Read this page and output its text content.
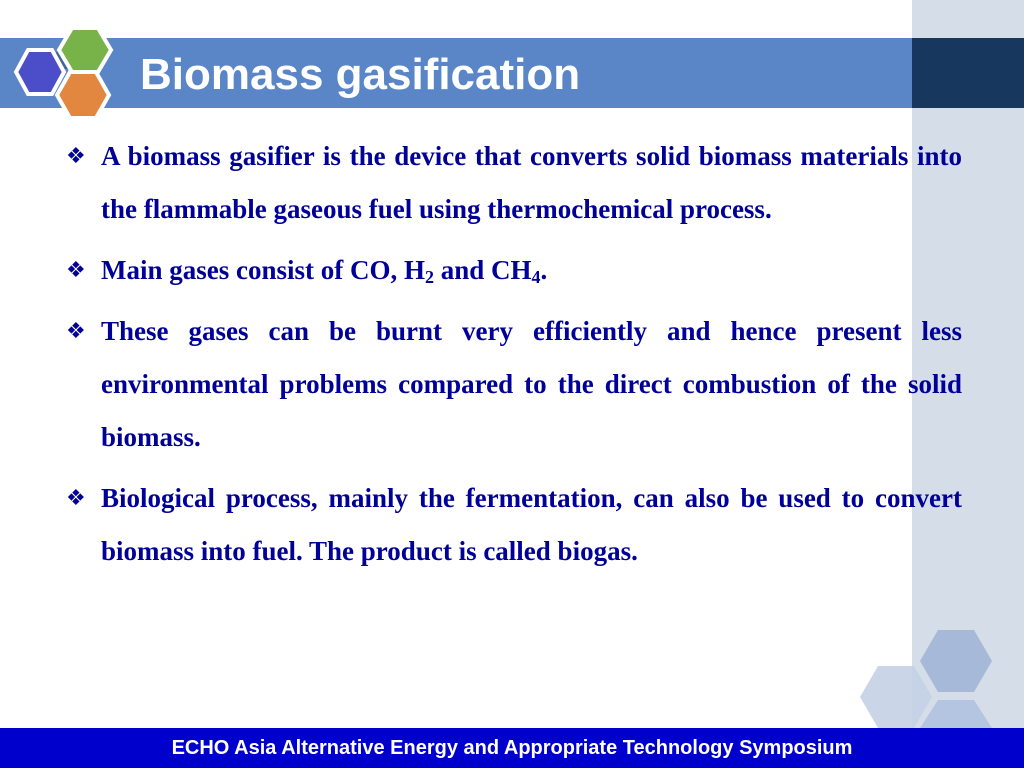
Biomass gasification
❖ A biomass gasifier is the device that converts solid biomass materials into the flammable gaseous fuel using thermochemical process.
❖ Main gases consist of CO, $H_2$ and $CH_4$.
❖ These gases can be burnt very efficiently and hence present less environmental problems compared to the direct combustion of the solid biomass.
❖ Biological process, mainly the fermentation, can also be used to convert biomass into fuel. The product is called biogas.
ECHO Asia Alternative Energy and Appropriate Technology Symposium
